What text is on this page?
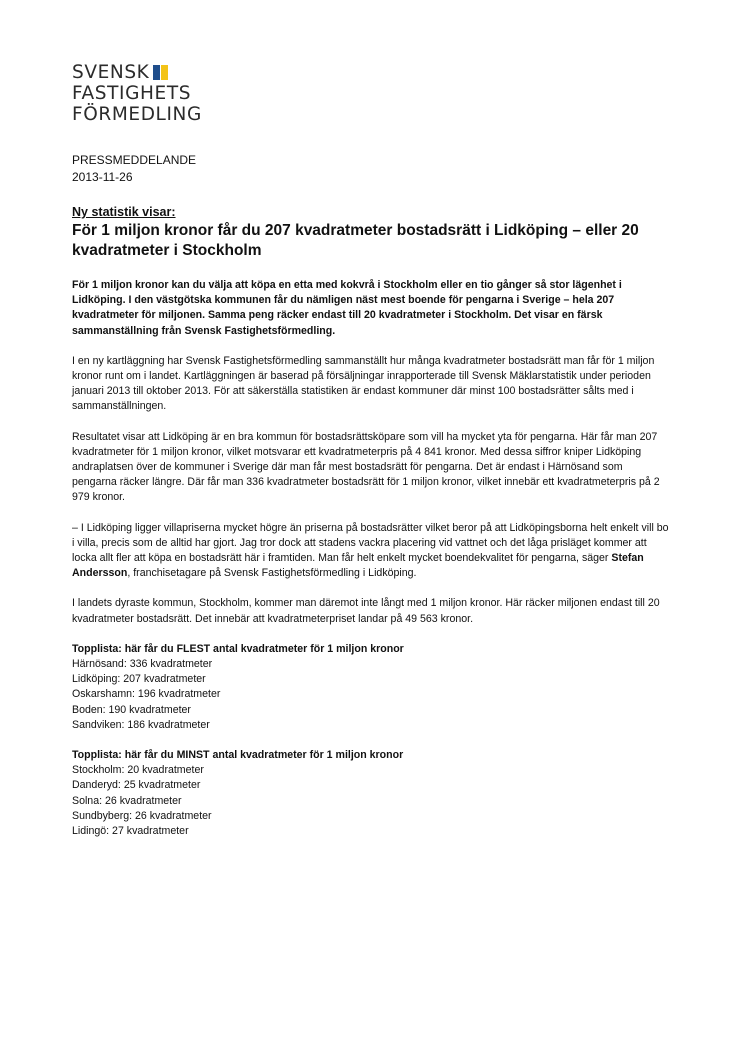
SVENSK
FASTIGHETS
FÖRMEDLING
PRESSMEDDELANDE
2013-11-26
Ny statistik visar:
För 1 miljon kronor får du 207 kvadratmeter bostadsrätt i Lidköping – eller 20 kvadratmeter i Stockholm

För 1 miljon kronor kan du välja att köpa en etta med kokvrå i Stockholm eller en tio gånger så stor lägenhet i Lidköping. I den västgötska kommunen får du nämligen näst mest boende för pengarna i Sverige – hela 207 kvadratmeter för miljonen. Samma peng räcker endast till 20 kvadratmeter i Stockholm. Det visar en färsk sammanställning från Svensk Fastighetsförmedling.

I en ny kartläggning har Svensk Fastighetsförmedling sammanställt hur många kvadratmeter bostadsrätt man får för 1 miljon kronor runt om i landet. Kartläggningen är baserad på försäljningar inrapporterade till Svensk Mäklarstatistik under perioden januari 2013 till oktober 2013. För att säkerställa statistiken är endast kommuner där minst 100 bostadsrätter sålts med i sammanställningen.

Resultatet visar att Lidköping är en bra kommun för bostadsrättsköpare som vill ha mycket yta för pengarna. Här får man 207 kvadratmeter för 1 miljon kronor, vilket motsvarar ett kvadratmeterpris på 4 841 kronor. Med dessa siffror kniper Lidköping andraplatsen över de kommuner i Sverige där man får mest bostadsrätt för pengarna. Det är endast i Härnösand som pengarna räcker längre. Där får man 336 kvadratmeter bostadsrätt för 1 miljon kronor, vilket innebär ett kvadratmeterpris på 2 979 kronor.

– I Lidköping ligger villapriserna mycket högre än priserna på bostadsrätter vilket beror på att Lidköpingsborna helt enkelt vill bo i villa, precis som de alltid har gjort. Jag tror dock att stadens vackra placering vid vattnet och det låga prisläget kommer att locka allt fler att köpa en bostadsrätt här i framtiden. Man får helt enkelt mycket boendekvalitet för pengarna, säger Stefan Andersson, franchisetagare på Svensk Fastighetsförmedling i Lidköping.

I landets dyraste kommun, Stockholm, kommer man däremot inte långt med 1 miljon kronor. Här räcker miljonen endast till 20 kvadratmeter bostadsrätt. Det innebär att kvadratmeterpriset landar på 49 563 kronor.

Topplista: här får du FLEST antal kvadratmeter för 1 miljon kronor
Härnösand: 336 kvadratmeter
Lidköping: 207 kvadratmeter
Oskarshamn: 196 kvadratmeter
Boden: 190 kvadratmeter
Sandviken: 186 kvadratmeter
Topplista: här får du MINST antal kvadratmeter för 1 miljon kronor
Stockholm: 20 kvadratmeter
Danderyd: 25 kvadratmeter
Solna: 26 kvadratmeter
Sundbyberg: 26 kvadratmeter
Lidingö: 27 kvadratmeter
